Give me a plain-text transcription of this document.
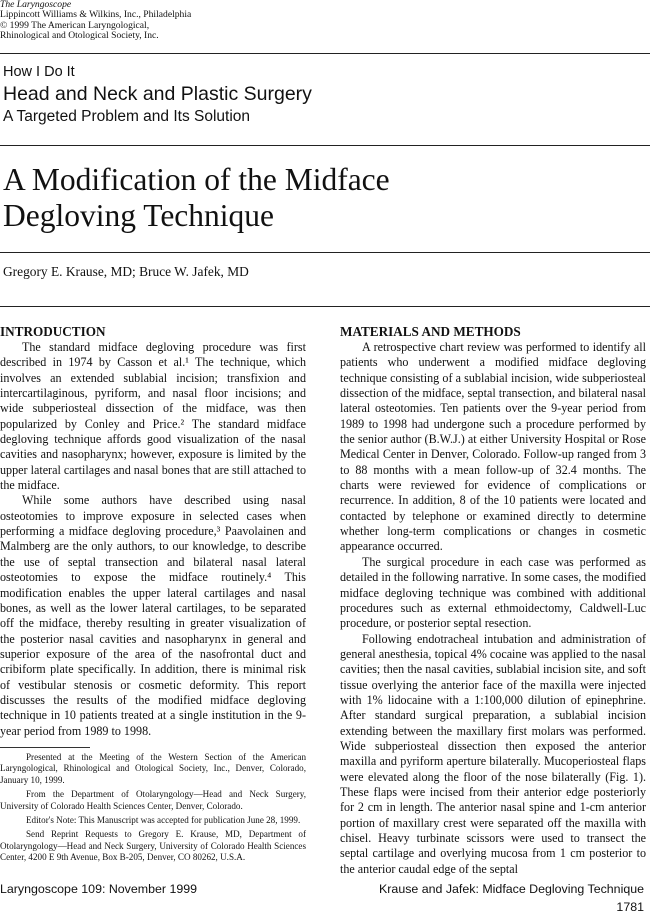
The Laryngoscope
Lippincott Williams & Wilkins, Inc., Philadelphia
© 1999 The American Laryngological,
Rhinological and Otological Society, Inc.
How I Do It
Head and Neck and Plastic Surgery
A Targeted Problem and Its Solution
A Modification of the Midface
Degloving Technique
Gregory E. Krause, MD; Bruce W. Jafek, MD
INTRODUCTION

The standard midface degloving procedure was first described in 1974 by Casson et al.¹ The technique, which involves an extended sublabial incision; transfixion and intercartilaginous, pyriform, and nasal floor incisions; and wide subperiosteal dissection of the midface, was then popularized by Conley and Price.² The standard midface degloving technique affords good visualization of the nasal cavities and nasopharynx; however, exposure is limited by the upper lateral cartilages and nasal bones that are still attached to the midface.

While some authors have described using nasal osteotomies to improve exposure in selected cases when performing a midface degloving procedure,³ Paavolainen and Malmberg are the only authors, to our knowledge, to describe the use of septal transection and bilateral nasal lateral osteotomies to expose the midface routinely.⁴ This modification enables the upper lateral cartilages and nasal bones, as well as the lower lateral cartilages, to be separated off the midface, thereby resulting in greater visualization of the posterior nasal cavities and nasopharynx in general and superior exposure of the area of the nasofrontal duct and cribiform plate specifically. In addition, there is minimal risk of vestibular stenosis or cosmetic deformity. This report discusses the results of the modified midface degloving technique in 10 patients treated at a single institution in the 9-year period from 1989 to 1998.

Presented at the Meeting of the Western Section of the American Laryngological, Rhinological and Otological Society, Inc., Denver, Colorado, January 10, 1999.

From the Department of Otolaryngology—Head and Neck Surgery, University of Colorado Health Sciences Center, Denver, Colorado.

Editor's Note: This Manuscript was accepted for publication June 28, 1999.

Send Reprint Requests to Gregory E. Krause, MD, Department of Otolaryngology—Head and Neck Surgery, University of Colorado Health Sciences Center, 4200 E 9th Avenue, Box B-205, Denver, CO 80262, U.S.A.

MATERIALS AND METHODS

A retrospective chart review was performed to identify all patients who underwent a modified midface degloving technique consisting of a sublabial incision, wide subperiosteal dissection of the midface, septal transection, and bilateral nasal lateral osteotomies. Ten patients over the 9-year period from 1989 to 1998 had undergone such a procedure performed by the senior author (B.W.J.) at either University Hospital or Rose Medical Center in Denver, Colorado. Follow-up ranged from 3 to 88 months with a mean follow-up of 32.4 months. The charts were reviewed for evidence of complications or recurrence. In addition, 8 of the 10 patients were located and contacted by telephone or examined directly to determine whether long-term complications or changes in cosmetic appearance occurred.

The surgical procedure in each case was performed as detailed in the following narrative. In some cases, the modified midface degloving technique was combined with additional procedures such as external ethmoidectomy, Caldwell-Luc procedure, or posterior septal resection.

Following endotracheal intubation and administration of general anesthesia, topical 4% cocaine was applied to the nasal cavities; then the nasal cavities, sublabial incision site, and soft tissue overlying the anterior face of the maxilla were injected with 1% lidocaine with a 1:100,000 dilution of epinephrine. After standard surgical preparation, a sublabial incision extending between the maxillary first molars was performed. Wide subperiosteal dissection then exposed the anterior maxilla and pyriform aperture bilaterally. Mucoperiosteal flaps were elevated along the floor of the nose bilaterally (Fig. 1). These flaps were incised from their anterior edge posteriorly for 2 cm in length. The anterior nasal spine and 1-cm anterior portion of maxillary crest were separated off the maxilla with chisel. Heavy turbinate scissors were used to transect the septal cartilage and overlying mucosa from 1 cm posterior to the anterior caudal edge of the septal

Laryngoscope 109: November 1999	Krause and Jafek: Midface Degloving Technique
1781
